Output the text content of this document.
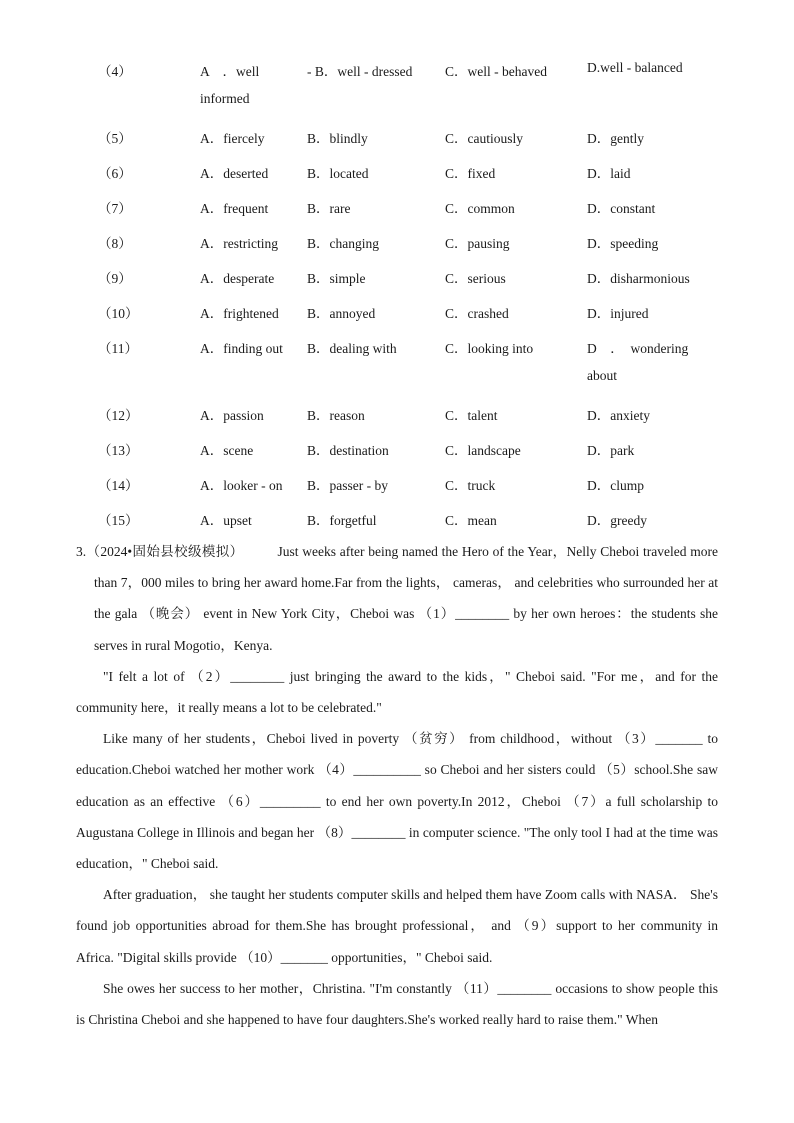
（4）	A　．well	- B．well - dressed C．well - behaved	D.well - balanced
informed
（5）	A．fiercely	B．blindly	C．cautiously	D．gently
（6）	A．deserted	B．located	C．fixed	D．laid
（7）	A．frequent	B．rare	C．common	D．constant
（8）	A．restricting B．changing	C．pausing	D．speeding
（9）	A．desperate B．simple	C．serious	D．disharmonious
（10）	A．frightened B．annoyed	C．crashed	D．injured
（11）	A．finding out B．dealing with	C．looking into	D　．　wondering
about
（12）	A．passion	B．reason	C．talent	D．anxiety
（13）	A．scene	B．destination	C．landscape	D．park
（14）	A．looker - on B．passer - by	C．truck	D．clump
（15）	A．upset	B．forgetful	C．mean	D．greedy

3.（2024•固始县校级模拟）	Just weeks after being named the Hero of the Year，Nelly Cheboi traveled more than 7，000 miles to bring her award home.Far from the lights， cameras， and celebrities who surrounded her at the gala （晚会） event in New York City，Cheboi was （1）________ by her own heroes：the students she serves in rural Mogotio，Kenya.

"I felt a lot of （2）________ just bringing the award to the kids，" Cheboi said. "For me，and for the community here，it really means a lot to be celebrated."

Like many of her students，Cheboi lived in poverty （贫穷） from childhood，without （3）_______ to education.Cheboi watched her mother work （4）__________ so Cheboi and her sisters could （5）school.She saw education as an effective （6）_________ to end her own poverty.In 2012，Cheboi （7）a full scholarship to Augustana College in Illinois and began her （8）________ in computer science. "The only tool I had at the time was education，" Cheboi said.

After graduation， she taught her students computer skills and helped them have Zoom calls with NASA． She's found job opportunities abroad for them.She has brought professional， and （9）support to her community in Africa. "Digital skills provide （10）_______ opportunities，" Cheboi said.

She owes her success to her mother，Christina. "I'm constantly （11）________ occasions to show people this is Christina Cheboi and she happened to have four daughters.She's worked really hard to raise them." When
